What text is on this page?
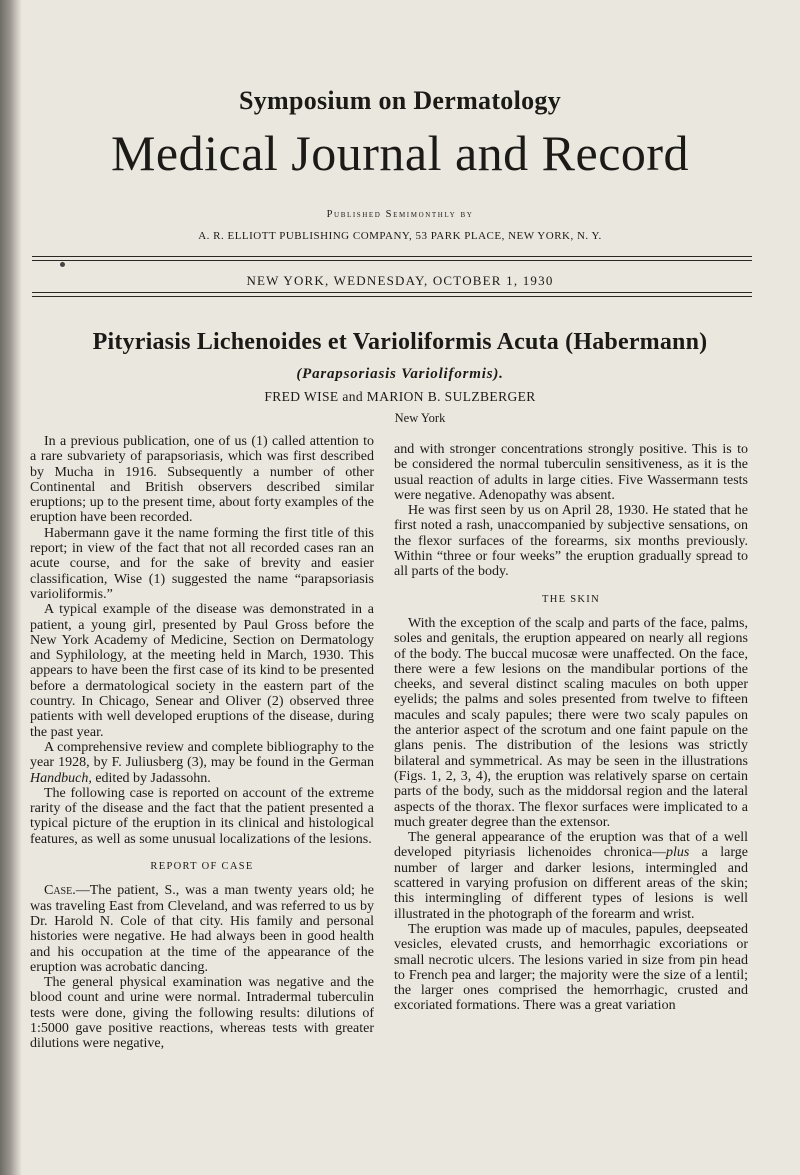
Symposium on Dermatology
Medical Journal and Record
Published Semimonthly by
A. R. ELLIOTT PUBLISHING COMPANY, 53 PARK PLACE, NEW YORK, N. Y.
NEW YORK, WEDNESDAY, OCTOBER 1, 1930
Pityriasis Lichenoides et Varioliformis Acuta (Habermann)
(Parapsoriasis Varioliformis).
FRED WISE and MARION B. SULZBERGER
New York

In a previous publication, one of us (1) called attention to a rare subvariety of parapsoriasis, which was first described by Mucha in 1916. Subsequently a number of other Continental and British observers described similar eruptions; up to the present time, about forty examples of the eruption have been recorded.

Habermann gave it the name forming the first title of this report; in view of the fact that not all recorded cases ran an acute course, and for the sake of brevity and easier classification, Wise (1) suggested the name “parapsoriasis varioliformis.”

A typical example of the disease was demonstrated in a patient, a young girl, presented by Paul Gross before the New York Academy of Medicine, Section on Dermatology and Syphilology, at the meeting held in March, 1930. This appears to have been the first case of its kind to be presented before a dermatological society in the eastern part of the country. In Chicago, Senear and Oliver (2) observed three patients with well developed eruptions of the disease, during the past year.

A comprehensive review and complete bibliography to the year 1928, by F. Juliusberg (3), may be found in the German Handbuch, edited by Jadassohn.

The following case is reported on account of the extreme rarity of the disease and the fact that the patient presented a typical picture of the eruption in its clinical and histological features, as well as some unusual localizations of the lesions.

REPORT OF CASE

Case.—The patient, S., was a man twenty years old; he was traveling East from Cleveland, and was referred to us by Dr. Harold N. Cole of that city. His family and personal histories were negative. He had always been in good health and his occupation at the time of the appearance of the eruption was acrobatic dancing.

The general physical examination was negative and the blood count and urine were normal. Intradermal tuberculin tests were done, giving the following results: dilutions of 1:5000 gave positive reactions, whereas tests with greater dilutions were negative,

and with stronger concentrations strongly positive. This is to be considered the normal tuberculin sensitiveness, as it is the usual reaction of adults in large cities. Five Wassermann tests were negative. Adenopathy was absent.

He was first seen by us on April 28, 1930. He stated that he first noted a rash, unaccompanied by subjective sensations, on the flexor surfaces of the forearms, six months previously. Within “three or four weeks” the eruption gradually spread to all parts of the body.

THE SKIN

With the exception of the scalp and parts of the face, palms, soles and genitals, the eruption appeared on nearly all regions of the body. The buccal mucosæ were unaffected. On the face, there were a few lesions on the mandibular portions of the cheeks, and several distinct scaling macules on both upper eyelids; the palms and soles presented from twelve to fifteen macules and scaly papules; there were two scaly papules on the anterior aspect of the scrotum and one faint papule on the glans penis. The distribution of the lesions was strictly bilateral and symmetrical. As may be seen in the illustrations (Figs. 1, 2, 3, 4), the eruption was relatively sparse on certain parts of the body, such as the middorsal region and the lateral aspects of the thorax. The flexor surfaces were implicated to a much greater degree than the extensor.

The general appearance of the eruption was that of a well developed pityriasis lichenoides chronica—plus a large number of larger and darker lesions, intermingled and scattered in varying profusion on different areas of the skin; this intermingling of different types of lesions is well illustrated in the photograph of the forearm and wrist.

The eruption was made up of macules, papules, deepseated vesicles, elevated crusts, and hemorrhagic excoriations or small necrotic ulcers. The lesions varied in size from pin head to French pea and larger; the majority were the size of a lentil; the larger ones comprised the hemorrhagic, crusted and excoriated formations. There was a great variation
